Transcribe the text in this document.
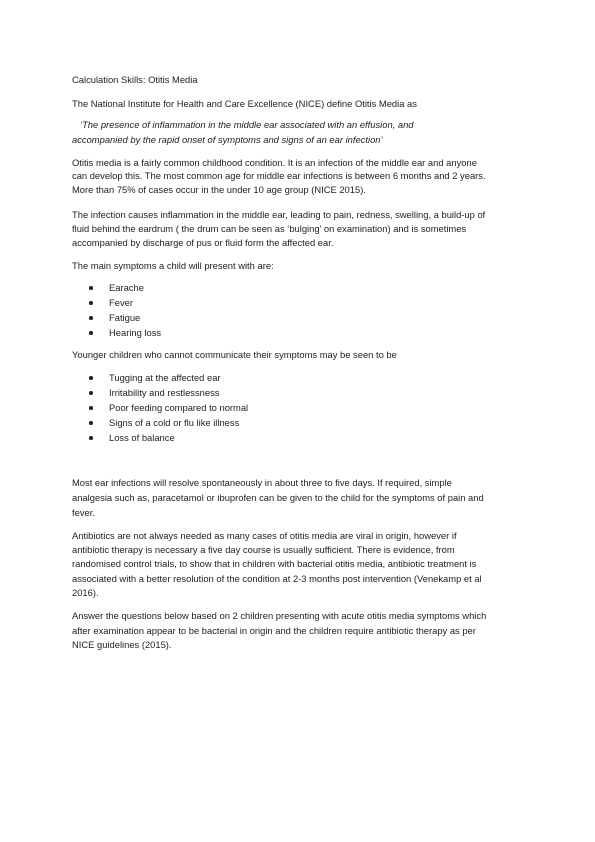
Calculation Skills: Otitis Media
The National Institute for Health and Care Excellence (NICE) define Otitis Media as
‘The presence of inflammation in the middle ear associated with an effusion, and
accompanied by the rapid onset of symptoms and signs of an ear infection’
Otitis media is a fairly common childhood condition. It is an infection of the middle ear and anyone
can develop this. The most common age for middle ear infections is between 6 months and 2 years.
More than 75% of cases occur in the under 10 age group (NICE 2015).
The infection causes inflammation in the middle ear, leading to pain, redness, swelling, a build-up of
fluid behind the eardrum ( the drum can be seen as ‘bulging’ on examination) and is sometimes
accompanied by discharge of pus or fluid form the affected ear.
The main symptoms a child will present with are:
Earache
Fever
Fatigue
Hearing loss
Younger children who cannot communicate their symptoms may be seen to be
Tugging at the affected ear
Irritability and restlessness
Poor feeding compared to normal
Signs of a cold or flu like illness
Loss of balance
Most ear infections will resolve spontaneously in about three to five days. If required, simple
analgesia such as, paracetamol or ibuprofen can be given to the child for the symptoms of pain and
fever.
Antibiotics are not always needed as many cases of otitis media are viral in origin, however if
antibiotic therapy is necessary a five day course is usually sufficient. There is evidence, from
randomised control trials, to show that in children with bacterial otitis media, antibiotic treatment is
associated with a better resolution of the condition at 2-3 months post intervention (Venekamp et al
2016).
Answer the questions below based on 2 children presenting with acute otitis media symptoms which
after examination appear to be bacterial in origin and the children require antibiotic therapy as per
NICE guidelines (2015).
